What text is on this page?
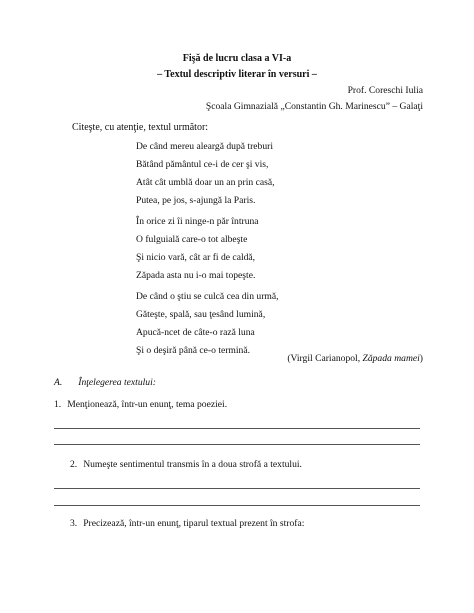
Fişă de lucru clasa a VI-a
– Textul descriptiv literar în versuri –
Prof. Coreschi Iulia
Şcoala Gimnazială „Constantin Gh. Marinescu” – Galaţi
Citeşte, cu atenţie, textul următor:
De când mereu aleargă după treburi
Bătând pământul ce-i de cer şi vis,
Atât cât umblă doar un an prin casă,
Putea, pe jos, s-ajungă la Paris.
În orice zi îi ninge-n păr întruna
O fulguială care-o tot albeşte
Şi nicio vară, cât ar fi de caldă,
Zăpada asta nu i-o mai topeşte.
De când o ştiu se culcă cea din urmă,
Găteşte, spală, sau ţesând lumină,
Apucă-ncet de câte-o rază luna
Şi o deşiră până ce-o termină.
(Virgil Carianopol, Zăpada mamei)
A. Înţelegerea textului:
1. Menţionează, într-un enunţ, tema poeziei.
2. Numeşte sentimentul transmis în a doua strofă a textului.
3. Precizează, într-un enunţ, tiparul textual prezent în strofa:
